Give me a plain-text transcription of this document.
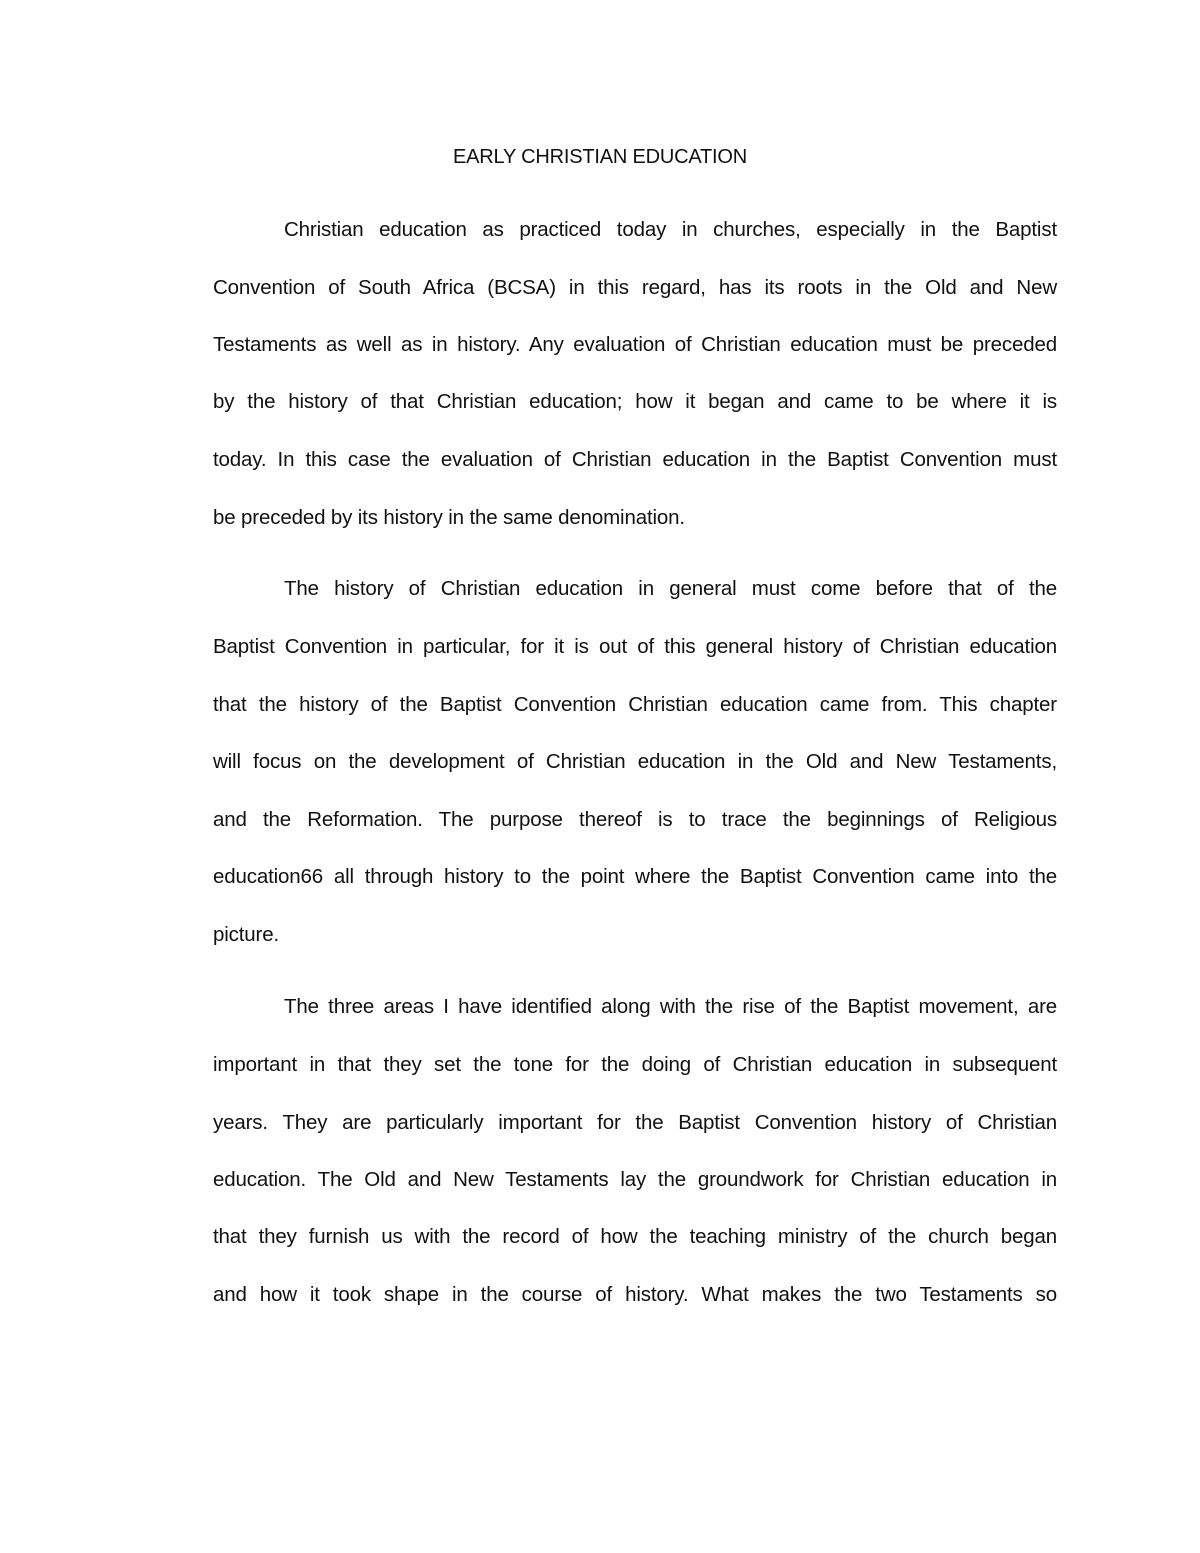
EARLY CHRISTIAN EDUCATION
Christian education as practiced today in churches, especially in the Baptist
Convention of South Africa (BCSA) in this regard, has its roots in the Old and New
Testaments as well as in history. Any evaluation of Christian education must be preceded
by the history of that Christian education; how it began and came to be where it is
today. In this case the evaluation of Christian education in the Baptist Convention must
be preceded by its history in the same denomination.
The history of Christian education in general must come before that of the
Baptist Convention in particular, for it is out of this general history of Christian education
that the history of the Baptist Convention Christian education came from. This chapter
will focus on the development of Christian education in the Old and New Testaments,
and the Reformation. The purpose thereof is to trace the beginnings of Religious
education66 all through history to the point where the Baptist Convention came into the
picture.
The three areas I have identified along with the rise of the Baptist movement, are
important in that they set the tone for the doing of Christian education in subsequent
years. They are particularly important for the Baptist Convention history of Christian
education. The Old and New Testaments lay the groundwork for Christian education in
that they furnish us with the record of how the teaching ministry of the church began
and how it took shape in the course of history. What makes the two Testaments so
